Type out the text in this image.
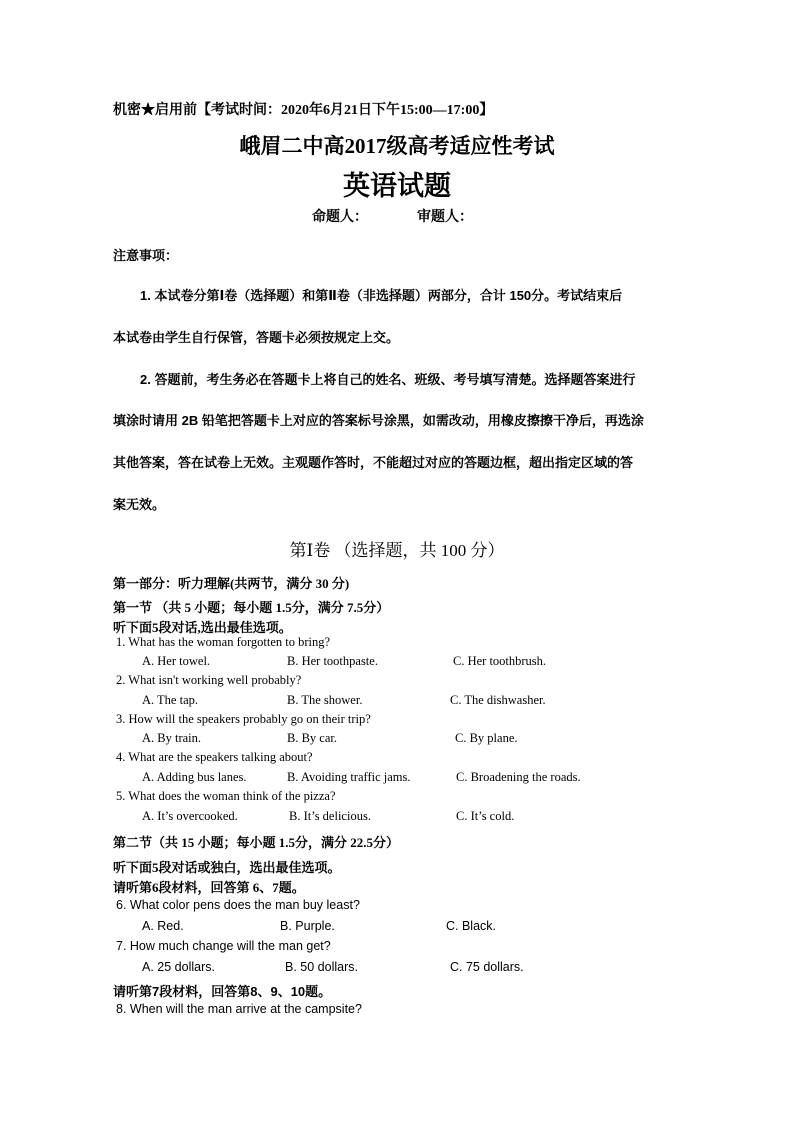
机密★启用前【考试时间：2020年6月21日下午15:00—17:00】
峨眉二中高2017级高考适应性考试
英语试题
命题人：	审题人：
注意事项：
1. 本试卷分第Ⅰ卷（选择题）和第Ⅱ卷（非选择题）两部分，合计 150分。考试结束后
本试卷由学生自行保管，答题卡必须按规定上交。
2. 答题前，考生务必在答题卡上将自己的姓名、班级、考号填写清楚。选择题答案进行
填涂时请用 2B 铅笔把答题卡上对应的答案标号涂黑，如需改动，用橡皮擦擦干净后，再选涂
其他答案，答在试卷上无效。主观题作答时，不能超过对应的答题边框，超出指定区域的答
案无效。
第Ⅰ卷 （选择题，共 100 分）
第一部分：听力理解(共两节，满分 30 分)
第一节 （共 5 小题；每小题 1.5分，满分 7.5分）
听下面5段对话,选出最佳选项。
1. What has the woman forgotten to bring?
A. Her towel.	B. Her toothpaste.	C. Her toothbrush.
2. What isn't working well probably?
A. The tap.	B. The shower.	C. The dishwasher.
3. How will the speakers probably go on their trip?
A. By train.	B. By car.	C. By plane.
4. What are the speakers talking about?
A. Adding bus lanes.	B. Avoiding traffic jams.	C. Broadening the roads.
5. What does the woman think of the pizza?
A. It’s overcooked.	B. It’s delicious.	C. It’s cold.
第二节（共 15 小题；每小题 1.5分，满分 22.5分）
听下面5段对话或独白，选出最佳选项。
请听第6段材料，回答第 6、7题。
6. What color pens does the man buy least?
A. Red.	B. Purple.	C. Black.
7. How much change will the man get?
A. 25 dollars.	B. 50 dollars.	C. 75 dollars.
请听第7段材料，回答第8、9、10题。
8. When will the man arrive at the campsite?
